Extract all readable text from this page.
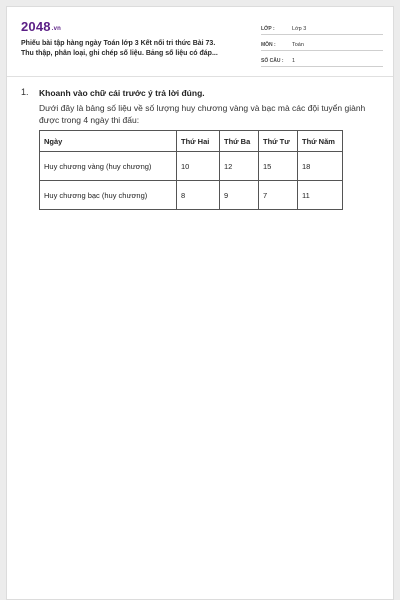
2048.vn
Phiếu bài tập hàng ngày Toán lớp 3 Kết nối tri thức Bài 73.
Thu thập, phân loại, ghi chép số liệu. Bảng số liệu có đáp...
LỚP :	Lớp 3
MÔN :	Toán
SỐ CÂU : 1
1. Khoanh vào chữ cái trước ý trả lời đúng.
Dưới đây là bảng số liệu về số lượng huy chương vàng và bạc mà các đội tuyển giành được trong 4 ngày thi đấu:
Ngày	Thứ Hai	Thứ Ba	Thứ Tư	Thứ Năm
Huy chương vàng (huy chương)	10	12	15	18
Huy chương bạc (huy chương)	8	9	7	11
